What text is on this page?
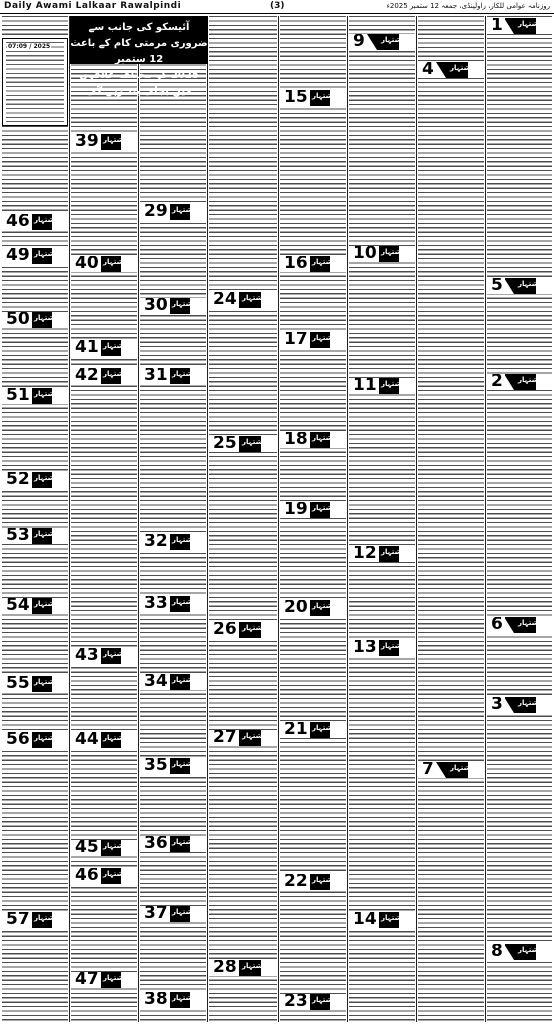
Daily Awami Lalkaar Rawalpindi	(3)	روزنامہ عوامی للکار، راولپنڈی، جمعہ 12 ستمبر 2025ء
آئیسکو کی جانب سے ضروری مرمتی کام کے باعث 12 ستمبر
2025 کو مختلف علاقوں میں بجلی بند رہے گی
07:09 / 2025
اشتہار
1
اشتہار
2
اشتہار
3
اشتہار
4
اشتہار
5
اشتہار
6
اشتہار
7
اشتہار
8
اشتہار
9
اشتہار
10
اشتہار
11
اشتہار
12
اشتہار
13
اشتہار
14
اشتہار
15
اشتہار
16
اشتہار
17
اشتہار
18
اشتہار
19
اشتہار
20
اشتہار
21
اشتہار
22
اشتہار
23
اشتہار
24
اشتہار
25
اشتہار
26
اشتہار
27
اشتہار
28
اشتہار
29
اشتہار
30
اشتہار
31
اشتہار
32
اشتہار
33
اشتہار
34
اشتہار
35
اشتہار
36
اشتہار
37
اشتہار
38
اشتہار
39
اشتہار
40
اشتہار
41
اشتہار
42
اشتہار
43
اشتہار
44
اشتہار
45
اشتہار
46
اشتہار
47
اشتہار
46
اشتہار
49
اشتہار
50
اشتہار
51
اشتہار
52
اشتہار
53
اشتہار
54
اشتہار
55
اشتہار
56
اشتہار
57
